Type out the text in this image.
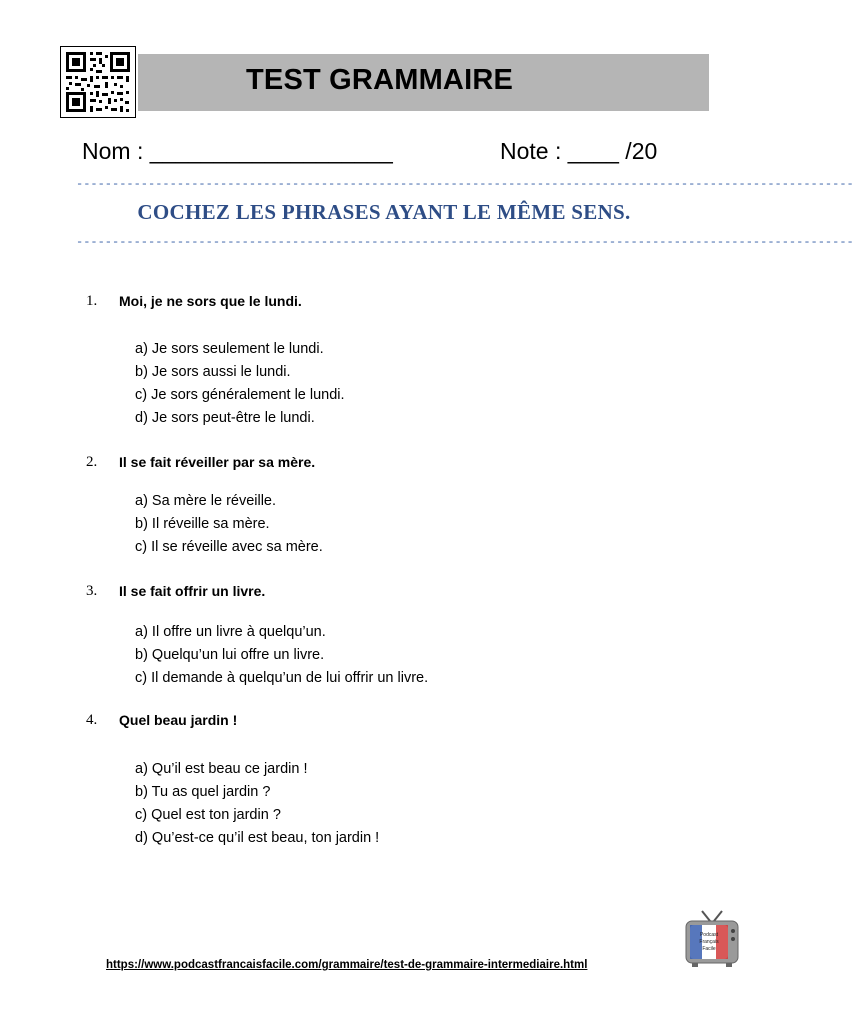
TEST GRAMMAIRE
Nom : ___________________	Note : ____ /20
------------------------------------------------------------------------------------------------------------
COCHEZ LES PHRASES AYANT LE MÊME SENS.
------------------------------------------------------------------------------------------------------------
1. Moi, je ne sors que le lundi.
a) Je sors seulement le lundi.
b) Je sors aussi le lundi.
c) Je sors généralement le lundi.
d) Je sors peut-être le lundi.
2. Il se fait réveiller par sa mère.
a) Sa mère le réveille.
b) Il réveille sa mère.
c) Il se réveille avec sa mère.
3. Il se fait offrir un livre.
a) Il offre un livre à quelqu’un.
b) Quelqu’un lui offre un livre.
c) Il demande à quelqu’un de lui offrir un livre.
4. Quel beau jardin !
a) Qu’il est beau ce jardin !
b) Tu as quel jardin ?
c) Quel est ton jardin ?
d) Qu’est-ce qu’il est beau, ton jardin !
Podcast
Français
Facile
https://www.podcastfrancaisfacile.com/grammaire/test-de-grammaire-intermediaire.html
